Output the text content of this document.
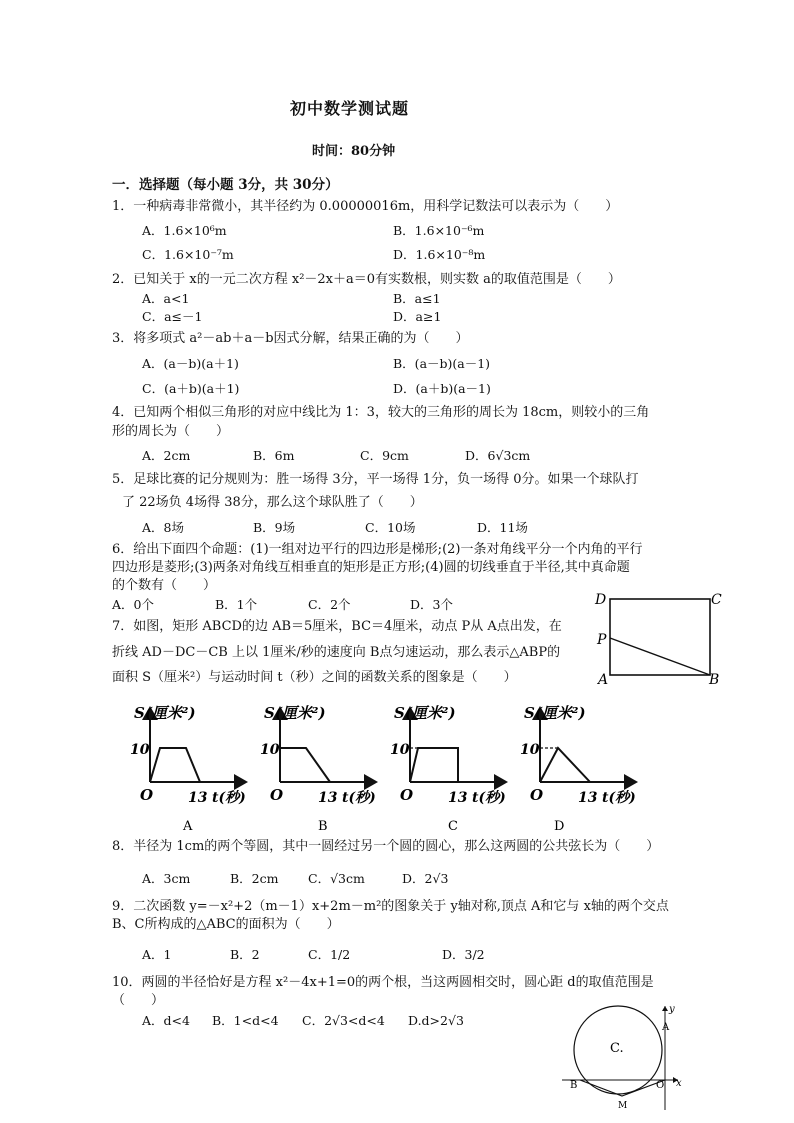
初中数学测试题
时间：80分钟
一．选择题（每小题 3分，共 30分）
1．一种病毒非常微小，其半径约为 0.00000016m，用科学记数法可以表示为（　　）
A．1.6×10⁶m	B．1.6×10⁻⁶m
C．1.6×10⁻⁷m	D．1.6×10⁻⁸m
2．已知关于 x的一元二次方程 x²－2x＋a＝0有实数根，则实数 a的取值范围是（　　）
A．a<1	B．a≤1
C．a≤－1	D．a≥1
3．将多项式 a²－ab＋a－b因式分解，结果正确的为（　　）
A．(a－b)(a＋1)	B．(a－b)(a－1)
C．(a＋b)(a＋1)	D．(a＋b)(a－1)
4．已知两个相似三角形的对应中线比为 1：3，较大的三角形的周长为 18cm，则较小的三角
形的周长为（　　）
A．2cm	B．6m	C．9cm	D．6√3cm
5．足球比赛的记分规则为：胜一场得 3分，平一场得 1分，负一场得 0分。如果一个球队打
了 22场负 4场得 38分，那么这个球队胜了（　　）
A．8场	B．9场	C．10场	D．11场
6．给出下面四个命题：(1)一组对边平行的四边形是梯形;(2)一条对角线平分一个内角的平行
四边形是菱形;(3)两条对角线互相垂直的矩形是正方形;(4)圆的切线垂直于半径,其中真命题
的个数有（　　）
A．0个	B．1个	C．2个	D．3个
7．如图，矩形 ABCD的边 AB＝5厘米，BC＝4厘米，动点 P从 A点出发，在
折线 AD－DC－CB 上以 1厘米/秒的速度向 B点匀速运动，那么表示△ABP的
面积 S（厘米²）与运动时间 t（秒）之间的函数关系的图象是（　　）
D	C
P
A	B
S(厘米²)
10
O 13 t(秒)
S(厘米²)
10
O 13 t(秒)
S(厘米²)
10
O 13 t(秒)
S(厘米²)
10
O 13 t(秒)
A	B	C	D
8．半径为 1cm的两个等圆，其中一圆经过另一个圆的圆心，那么这两圆的公共弦长为（　　）
A．3cm	B．2cm C．√3cm	D．2√3
9．二次函数 y=－x²+2（m－1）x+2m－m²的图象关于 y轴对称,顶点 A和它与 x轴的两个交点
B、C所构成的△ABC的面积为（　　）
A．1	B．2	C．1/2	D．3/2
10．两圆的半径恰好是方程 x²－4x+1=0的两个根，当这两圆相交时，圆心距 d的取值范围是
（　　）
A．d<4 B．1<d<4 C．2√3<d<4 D.d>2√3
C.
A
y
B	O x
M
